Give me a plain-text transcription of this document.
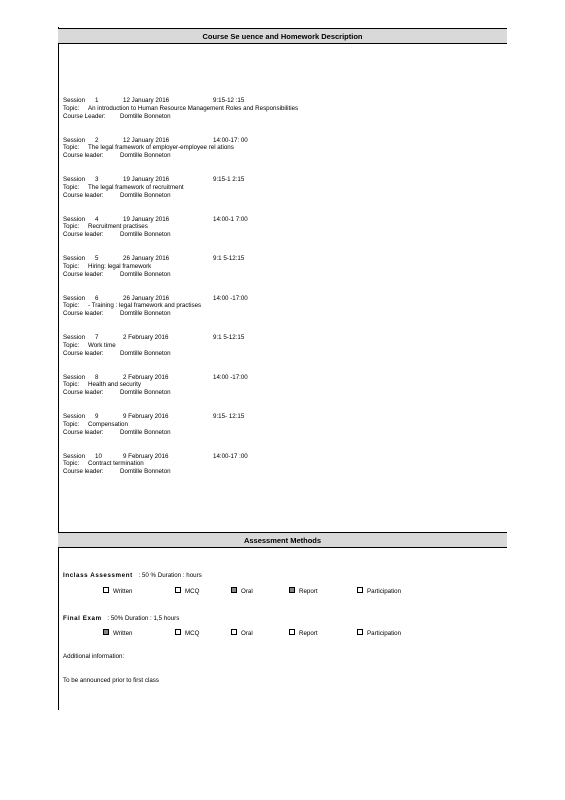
Course Se uence and Homework Description
Session 1	12 January 2016	9:15-12 :15
Topic: An introduction to Human Resource Management Roles and Responsibilities
Course Leader: Domtille Bonneton
Session 2	12 January 2016	14:00-17: 00
Topic: The legal framework of employer-employee rel ations
Course leader:	Domtille Bonneton
Session 3	19 January 2016	9:15-1 2:15
Topic: The legal framework of recruitment
Course leader:	Domtille Bonneton
Session 4	19 January 2016	14:00-1 7:00
Topic: Recruitment practises
Course leader:	Domtille Bonneton
Session 5	26 January 2016	9:1 5-12:15
Topic: Hiring: legal framework
Course leader:	Domtille Bonneton
Session 6	26 January 2016	14:00 -17:00
Topic: - Training : legal framework and practises
Course leader:	Domtille Bonneton
Session 7	2 February 2016	9:1 5-12:15
Topic: Work time
Course leader:	Domtille Bonneton
Session 8	2 February 2016	14:00 -17:00
Topic: Health and security
Course leader:	Domtille Bonneton
Session 9	9 February 2016	9:15- 12:15
Topic: Compensation
Course leader:	Domtille Bonneton
Session 10	9 February 2016	14:00-17 :00
Topic: Contract termination
Course leader:	Domtille Bonneton
Assessment Methods
Inclass Assessment : 50 % Duration : hours
Written	MCQ	Oral	Report	Participation
Final Exam : 50% Duration : 1,5 hours
Written	MCQ	Oral	Report	Participation
Additional information:
To be announced prior to first class
